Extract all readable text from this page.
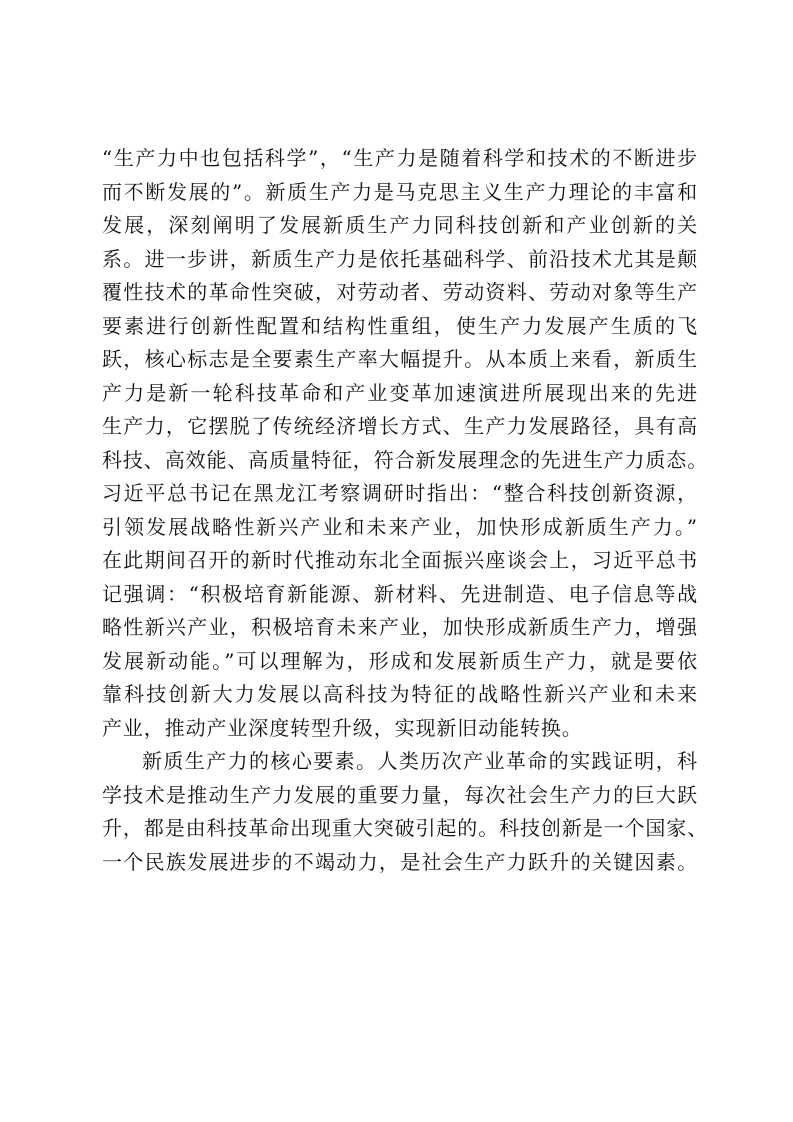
“生产力中也包括科学”，“生产力是随着科学和技术的不断进步
而不断发展的”。新质生产力是马克思主义生产力理论的丰富和
发展，深刻阐明了发展新质生产力同科技创新和产业创新的关
系。进一步讲，新质生产力是依托基础科学、前沿技术尤其是颠
覆性技术的革命性突破，对劳动者、劳动资料、劳动对象等生产
要素进行创新性配置和结构性重组，使生产力发展产生质的飞
跃，核心标志是全要素生产率大幅提升。从本质上来看，新质生
产力是新一轮科技革命和产业变革加速演进所展现出来的先进
生产力，它摆脱了传统经济增长方式、生产力发展路径，具有高
科技、高效能、高质量特征，符合新发展理念的先进生产力质态。
习近平总书记在黑龙江考察调研时指出：“整合科技创新资源，
引领发展战略性新兴产业和未来产业，加快形成新质生产力。”
在此期间召开的新时代推动东北全面振兴座谈会上，习近平总书
记强调：“积极培育新能源、新材料、先进制造、电子信息等战
略性新兴产业，积极培育未来产业，加快形成新质生产力，增强
发展新动能。”可以理解为，形成和发展新质生产力，就是要依
靠科技创新大力发展以高科技为特征的战略性新兴产业和未来
产业，推动产业深度转型升级，实现新旧动能转换。
新质生产力的核心要素。人类历次产业革命的实践证明，科
学技术是推动生产力发展的重要力量，每次社会生产力的巨大跃
升，都是由科技革命出现重大突破引起的。科技创新是一个国家、
一个民族发展进步的不竭动力，是社会生产力跃升的关键因素。
